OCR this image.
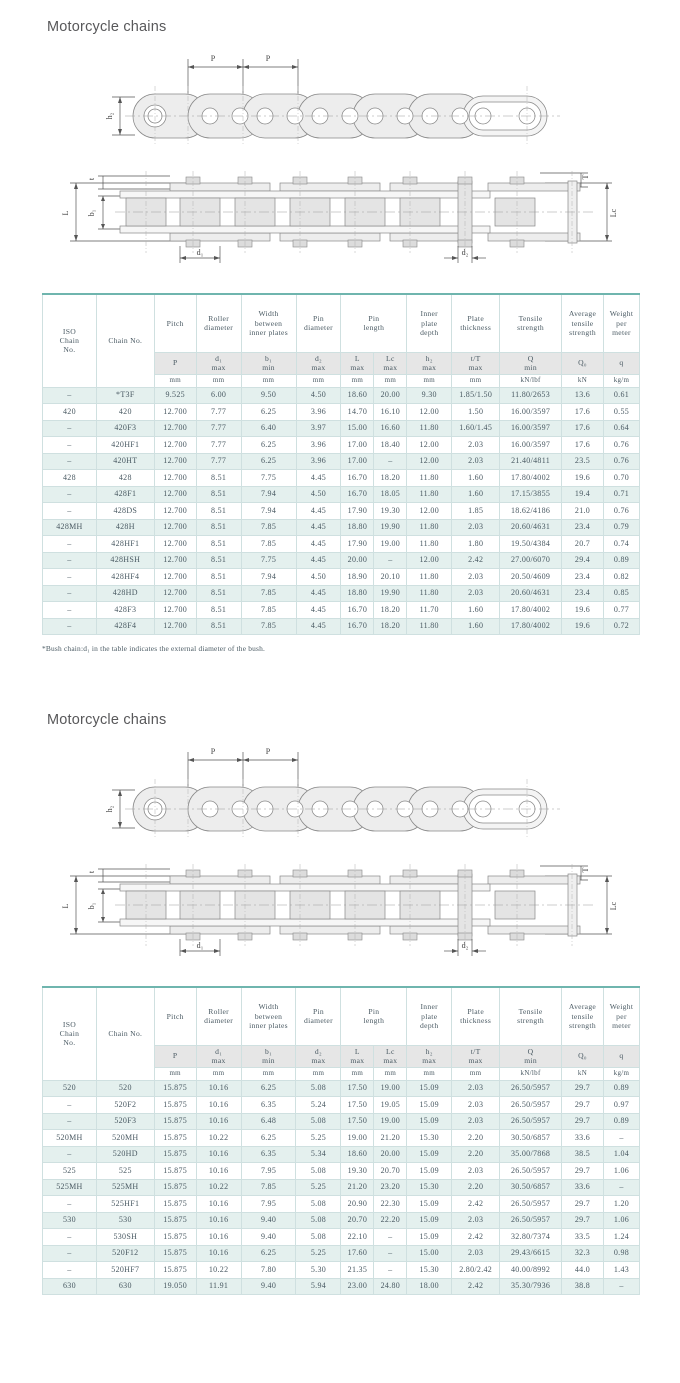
Motorcycle chains
P	P
h₂
L b₁
t	T
Lc
d₁	d₂
ISO
Chain
No.
	Chain No.	
Pitch

Roller
diameter

Width
between
inner plates

Pin
diameter

Pin
length

Inner
plate
depth

Plate
thickness

Tensile
strength

Average
tensile
strength

Weight
per
meter

P

d₁
max

b₁
min

d₂
max

L
max

Lc
max

h₂
max

t/T
max

Q
min

Q₀	q

		mm	mm	mm	mm	mm	mm	mm	mm	kN/lbf	kN	kg/m
–	*T3F	9.525	6.00	9.50	4.50	18.60	20.00	9.30	1.85/1.50	11.80/2653	13.6	0.61
420	420	12.700	7.77	6.25	3.96	14.70	16.10	12.00	1.50	16.00/3597	17.6	0.55
–	420F3	12.700	7.77	6.40	3.97	15.00	16.60	11.80	1.60/1.45	16.00/3597	17.6	0.64
–	420HF1	12.700	7.77	6.25	3.96	17.00	18.40	12.00	2.03	16.00/3597	17.6	0.76
–	420HT	12.700	7.77	6.25	3.96	17.00	–	12.00	2.03	21.40/4811	23.5	0.76
428	428	12.700	8.51	7.75	4.45	16.70	18.20	11.80	1.60	17.80/4002	19.6	0.70
–	428F1	12.700	8.51	7.94	4.50	16.70	18.05	11.80	1.60	17.15/3855	19.4	0.71
–	428DS	12.700	8.51	7.94	4.45	17.90	19.30	12.00	1.85	18.62/4186	21.0	0.76
428MH	428H	12.700	8.51	7.85	4.45	18.80	19.90	11.80	2.03	20.60/4631	23.4	0.79
–	428HF1	12.700	8.51	7.85	4.45	17.90	19.00	11.80	1.80	19.50/4384	20.7	0.74
–	428HSH	12.700	8.51	7.75	4.45	20.00	–	12.00	2.42	27.00/6070	29.4	0.89
–	428HF4	12.700	8.51	7.94	4.50	18.90	20.10	11.80	2.03	20.50/4609	23.4	0.82
–	428HD	12.700	8.51	7.85	4.45	18.80	19.90	11.80	2.03	20.60/4631	23.4	0.85
–	428F3	12.700	8.51	7.85	4.45	16.70	18.20	11.70	1.60	17.80/4002	19.6	0.77
–	428F4	12.700	8.51	7.85	4.45	16.70	18.20	11.80	1.60	17.80/4002	19.6	0.72
*Bush chain:d₁ in the table indicates the external diameter of the bush.
Motorcycle chains
P	P
h₂
L b₁
t	T
Lc
d₁	d₂
ISO
Chain
No.
	Chain No.	
Pitch

Roller
diameter

Width
between
inner plates

Pin
diameter

Pin
length

Inner
plate
depth

Plate
thickness

Tensile
strength

Average
tensile
strength

Weight
per
meter

P

d₁
max

b₁
min

d₂
max

L
max

Lc
max

h₂
max

t/T
max

Q
min

Q₀	q

		mm	mm	mm	mm	mm	mm	mm	mm	kN/lbf	kN	kg/m
520	520	15.875	10.16	6.25	5.08	17.50	19.00	15.09	2.03	26.50/5957	29.7	0.89
–	520F2	15.875	10.16	6.35	5.24	17.50	19.05	15.09	2.03	26.50/5957	29.7	0.97
–	520F3	15.875	10.16	6.48	5.08	17.50	19.00	15.09	2.03	26.50/5957	29.7	0.89
520MH	520MH	15.875	10.22	6.25	5.25	19.00	21.20	15.30	2.20	30.50/6857	33.6	–
–	520HD	15.875	10.16	6.35	5.34	18.60	20.00	15.09	2.20	35.00/7868	38.5	1.04
525	525	15.875	10.16	7.95	5.08	19.30	20.70	15.09	2.03	26.50/5957	29.7	1.06
525MH	525MH	15.875	10.22	7.85	5.25	21.20	23.20	15.30	2.20	30.50/6857	33.6	–
–	525HF1	15.875	10.16	7.95	5.08	20.90	22.30	15.09	2.42	26.50/5957	29.7	1.20
530	530	15.875	10.16	9.40	5.08	20.70	22.20	15.09	2.03	26.50/5957	29.7	1.06
–	530SH	15.875	10.16	9.40	5.08	22.10	–	15.09	2.42	32.80/7374	33.5	1.24
–	520F12	15.875	10.16	6.25	5.25	17.60	–	15.00	2.03	29.43/6615	32.3	0.98
–	520HF7	15.875	10.22	7.80	5.30	21.35	–	15.30	2.80/2.42	40.00/8992	44.0	1.43
630	630	19.050	11.91	9.40	5.94	23.00	24.80	18.00	2.42	35.30/7936	38.8	–
